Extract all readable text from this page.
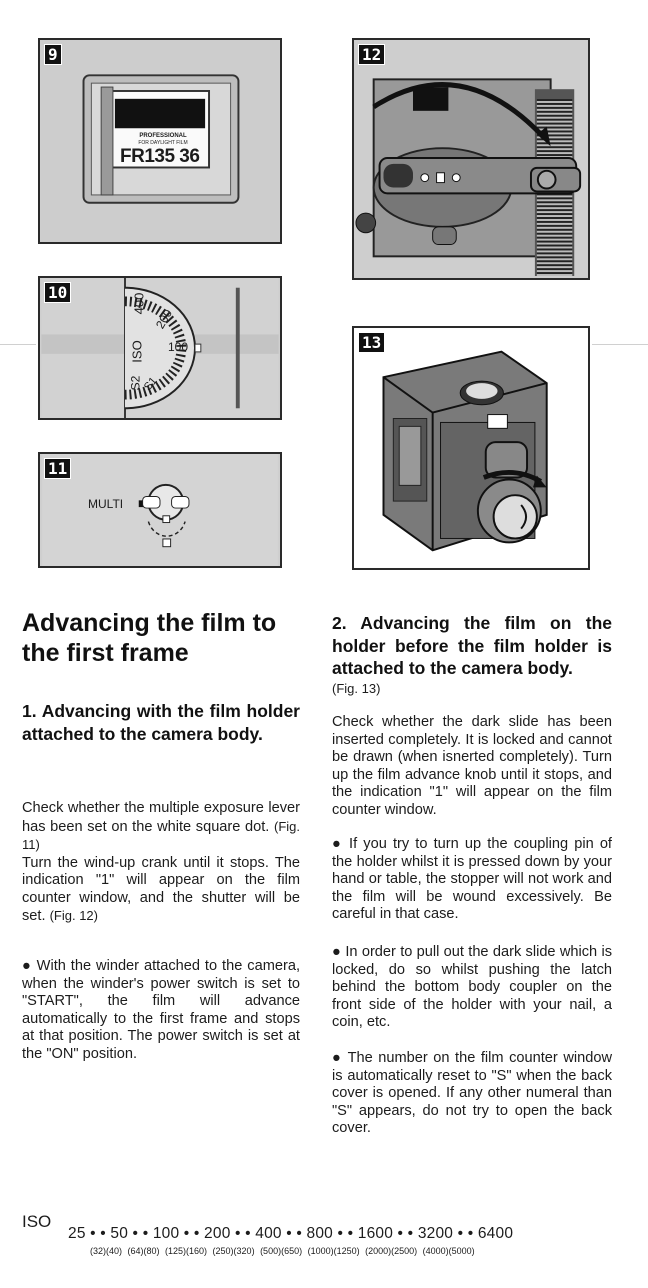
9
PROFESSIONAL
FOR DAYLIGHT FILM
FR135 36
10
400
200
100
ISO
S2 S1
11
MULTI
12
13
Advancing the film to the first frame
1. Advancing with the film holder attached to the camera body.
Check whether the multiple exposure lever has been set on the white square dot. (Fig. 11)
Turn the wind-up crank until it stops. The indication "1" will appear on the film counter window, and the shutter will be set. (Fig. 12)
● With the winder attached to the camera, when the winder's power switch is set to "START", the film will advance automatically to the first frame and stops at that position. The power switch is set at the "ON" position.
2. Advancing the film on the holder before the film holder is attached to the camera body.
(Fig. 13)
Check whether the dark slide has been inserted completely. It is locked and cannot be drawn (when isnerted completely). Turn up the film advance knob until it stops, and the indication "1" will appear on the film counter window.
● If you try to turn up the coupling pin of the holder whilst it is pressed down by your hand or table, the stopper will not work and the film will be wound excessively. Be careful in that case.
● In order to pull out the dark slide which is locked, do so whilst pushing the latch behind the bottom body coupler on the front side of the holder with your nail, a coin, etc.
● The number on the film counter window is automatically reset to "S" when the back cover is opened. If any other numeral than "S" appears, do not try to open the back cover.
ISO
25 • • 50 • • 100 • • 200 • • 400 • • 800 • • 1600 • • 3200 • • 6400
(32)(40) (64)(80) (125)(160) (250)(320) (500)(650) (1000)(1250) (2000)(2500) (4000)(5000)
